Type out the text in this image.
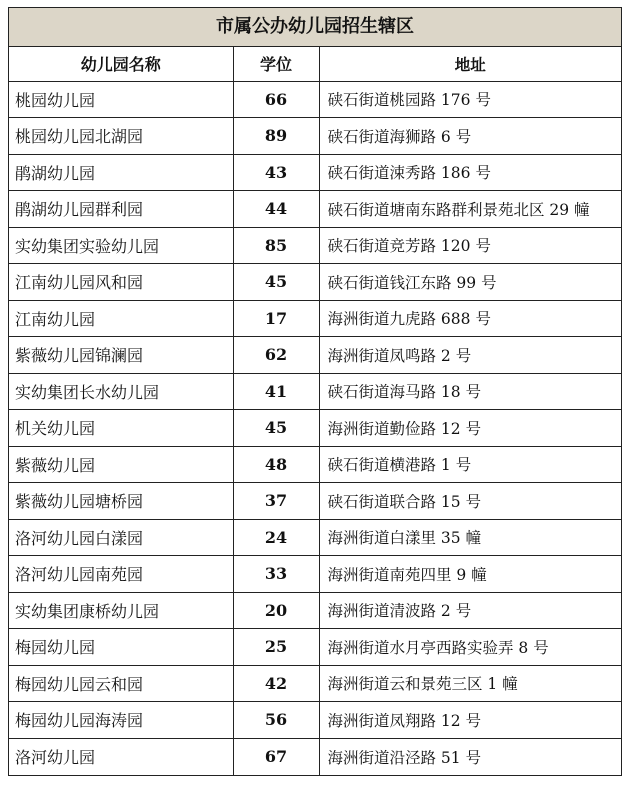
市属公办幼儿园招生辖区
幼儿园名称	学位	地址
桃园幼儿园	66	硖石街道桃园路 176 号
桃园幼儿园北湖园	89	硖石街道海狮路 6 号
鹃湖幼儿园	43	硖石街道涑秀路 186 号
鹃湖幼儿园群利园	44	硖石街道塘南东路群利景苑北区 29 幢
实幼集团实验幼儿园	85	硖石街道竞芳路 120 号
江南幼儿园风和园	45	硖石街道钱江东路 99 号
江南幼儿园	17	海洲街道九虎路 688 号
紫薇幼儿园锦澜园	62	海洲街道凤鸣路 2 号
实幼集团长水幼儿园	41	硖石街道海马路 18 号
机关幼儿园	45	海洲街道勤俭路 12 号
紫薇幼儿园	48	硖石街道横港路 1 号
紫薇幼儿园塘桥园	37	硖石街道联合路 15 号
洛河幼儿园白漾园	24	海洲街道白漾里 35 幢
洛河幼儿园南苑园	33	海洲街道南苑四里 9 幢
实幼集团康桥幼儿园	20	海洲街道清波路 2 号
梅园幼儿园	25	海洲街道水月亭西路实验弄 8 号
梅园幼儿园云和园	42	海洲街道云和景苑三区 1 幢
梅园幼儿园海涛园	56	海洲街道凤翔路 12 号
洛河幼儿园	67	海洲街道沿泾路 51 号
